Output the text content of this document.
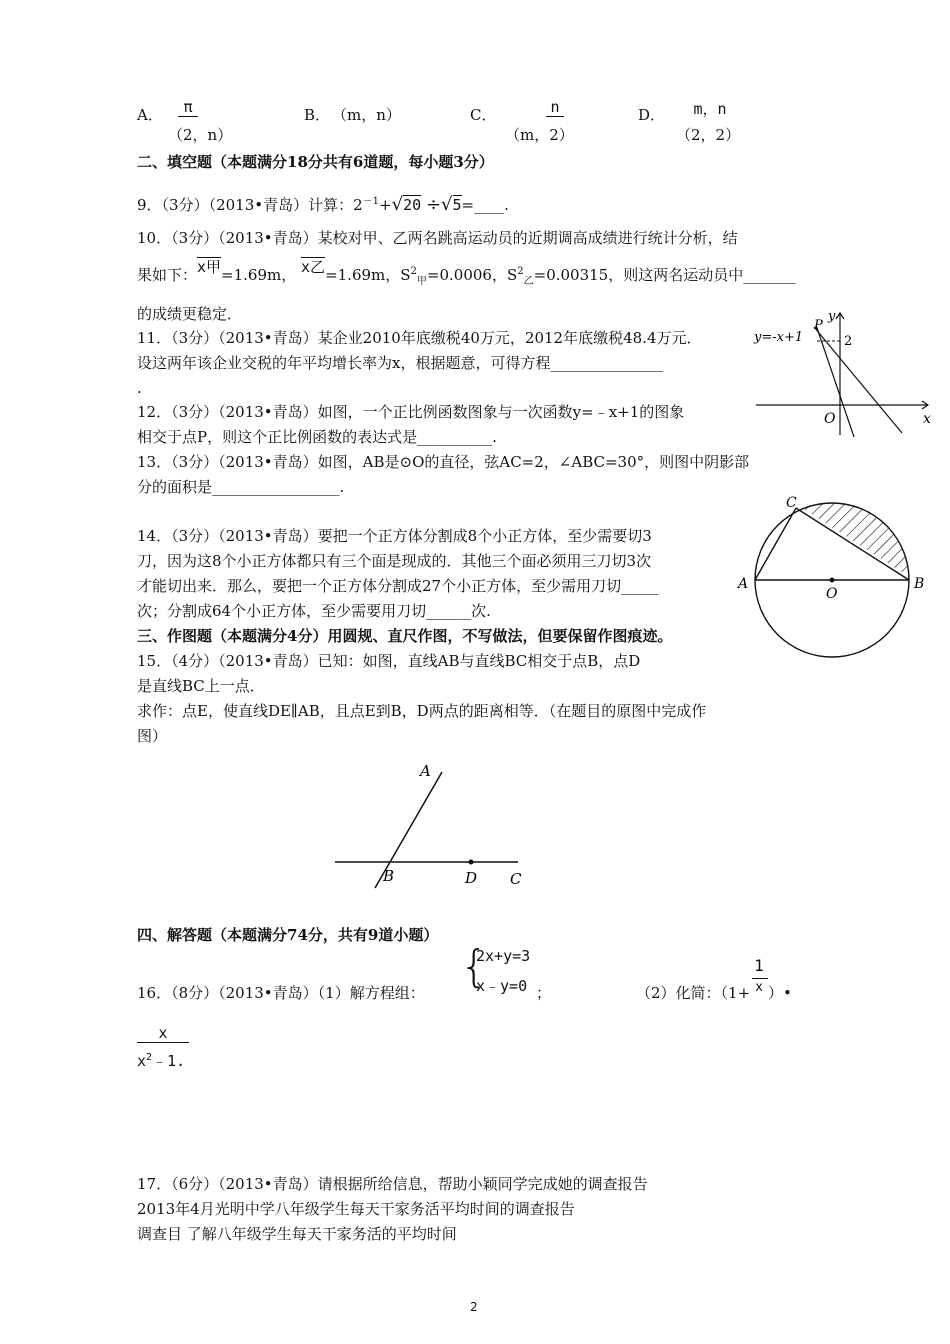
A．	π
（2，n）
B． （m，n）	C．	n
（m，2）
D．	m，n
（2，2）
二、填空题（本题满分18分共有6道题，每小题3分）
9．（3分）（2013•青岛）计算：$2^{-1}+√20$ ÷√5=____.
10．（3分）（2013•青岛）某校对甲、乙两名跳高运动员的近期调高成绩进行统计分析，结
果如下：x甲=1.69m， x乙=1.69m，$S^2_甲=0.0006$，$S^2_乙=0.00315$，则这两名运动员中_______
的成绩更稳定．
11．（3分）（2013•青岛）某企业2010年底缴税40万元，2012年底缴税48.4万元．
设这两年该企业交税的年平均增长率为x，根据题意，可得方程_______________
.
12．（3分）（2013•青岛）如图，一个正比例函数图象与一次函数y=﹣x+1的图象
相交于点P，则这个正比例函数的表达式是__________.
13．（3分）（2013•青岛）如图，AB是⊙O的直径，弦AC=2，∠ABC=30°，则图中阴影部
分的面积是_________________.
14．（3分）（2013•青岛）要把一个正方体分割成8个小正方体，至少需要切3
刀，因为这8个小正方体都只有三个面是现成的．其他三个面必须用三刀切3次
才能切出来．那么，要把一个正方体分割成27个小正方体，至少需用刀切_____
次；分割成64个小正方体，至少需要用刀切______次.
三、作图题（本题满分4分）用圆规、直尺作图，不写做法，但要保留作图痕迹。
15．（4分）（2013•青岛）已知：如图，直线AB与直线BC相交于点B，点D
是直线BC上一点．
求作：点E，使直线DE∥AB，且点E到B，D两点的距离相等．（在题目的原图中完成作
图）
A
B	D C
y=-x+1
P
2
y
x
O
A	B
C
O
四、解答题（本题满分74分，共有9道小题）
16．（8分）（2013•青岛）（1）解方程组：
{
2x+y=3
x﹣y=0 ；	（2）化简：（1+
1
x ）•
x
$x^2﹣1$.
17．（6分）（2013•青岛）请根据所给信息，帮助小颖同学完成她的调查报告
2013年4月光明中学八年级学生每天干家务活平均时间的调查报告
调查目 了解八年级学生每天干家务活的平均时间
2
